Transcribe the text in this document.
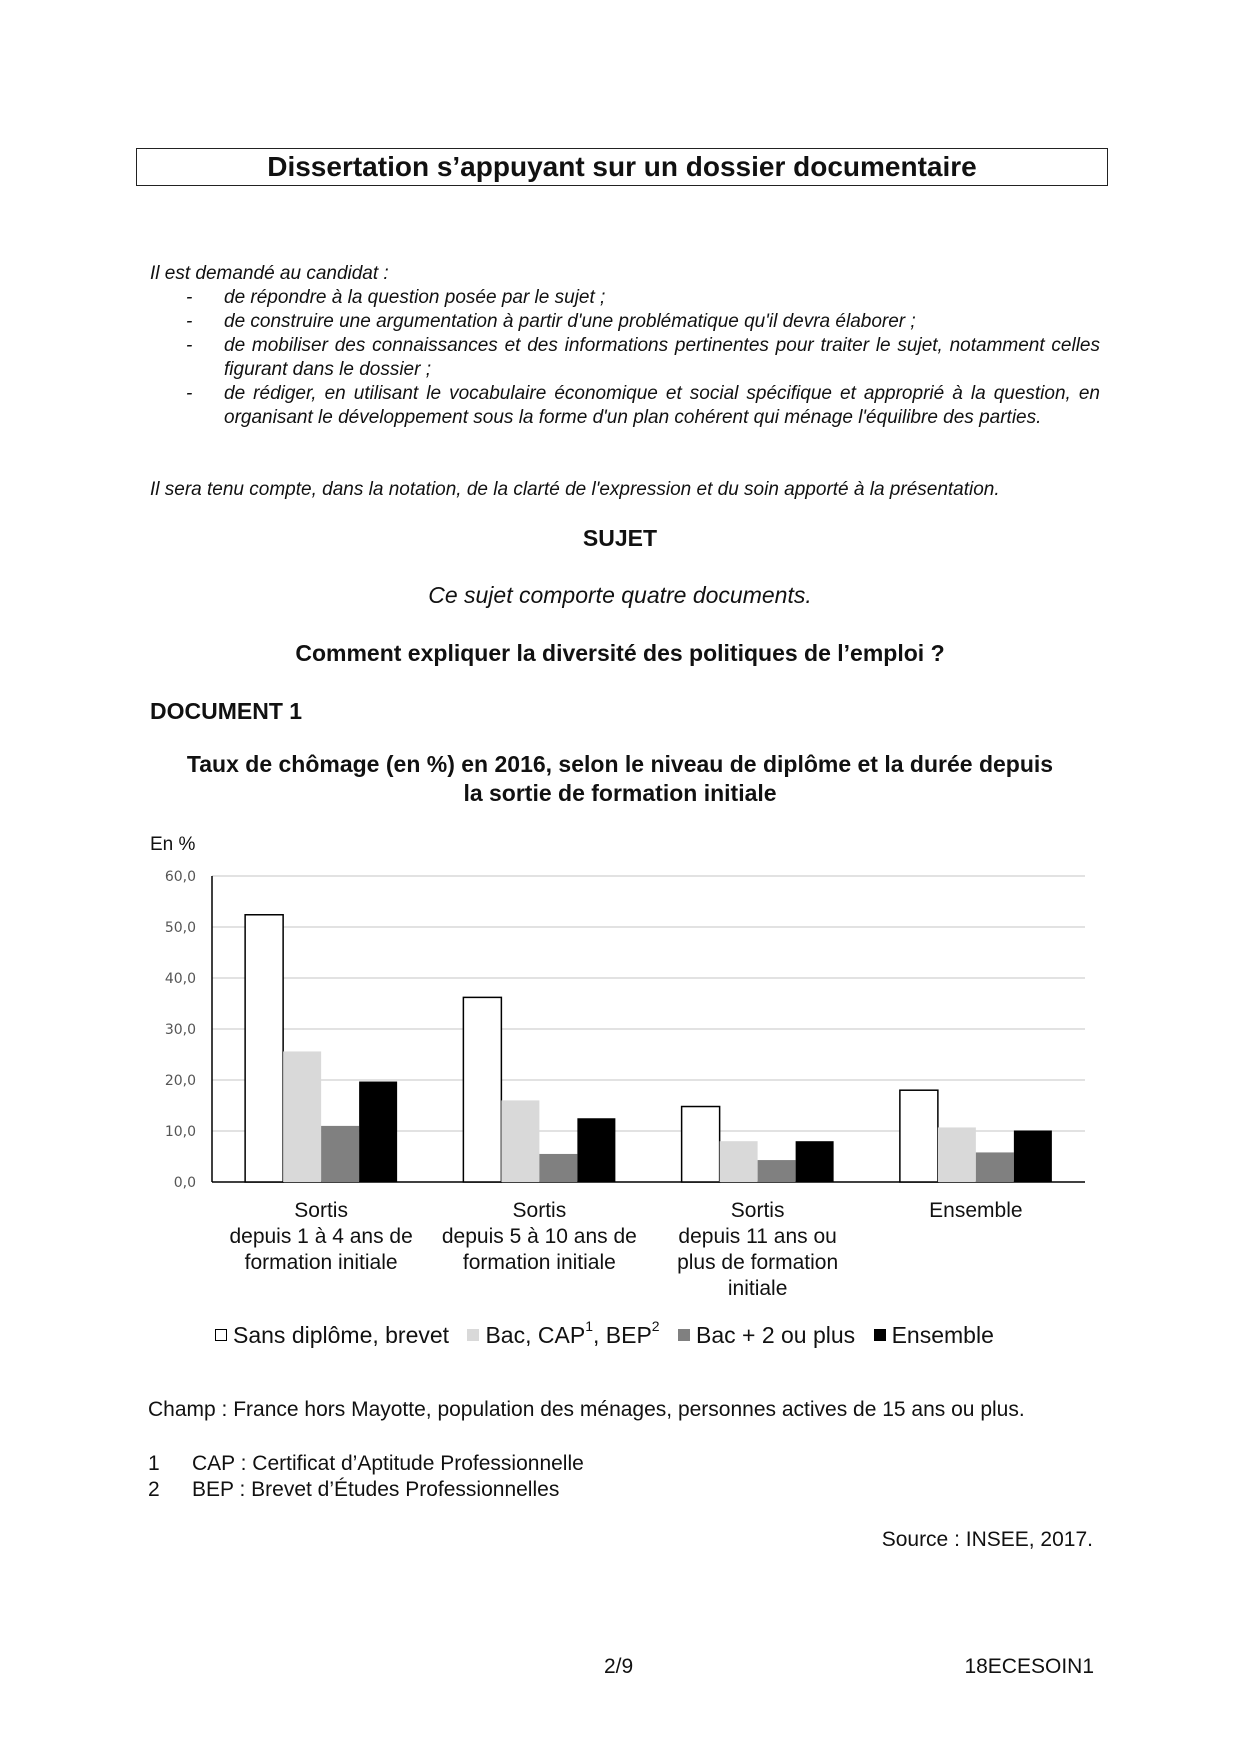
Dissertation s’appuyant sur un dossier documentaire
Il est demandé au candidat :
- de répondre à la question posée par le sujet ;
- de construire une argumentation à partir d'une problématique qu'il devra élaborer ;
- de mobiliser des connaissances et des informations pertinentes pour traiter le sujet, notamment celles figurant dans le dossier ;
- de rédiger, en utilisant le vocabulaire économique et social spécifique et approprié à la question, en organisant le développement sous la forme d'un plan cohérent qui ménage l'équilibre des parties.
Il sera tenu compte, dans la notation, de la clarté de l'expression et du soin apporté à la présentation.
SUJET
Ce sujet comporte quatre documents.
Comment expliquer la diversité des politiques de l’emploi ?
DOCUMENT 1
Taux de chômage (en %) en 2016, selon le niveau de diplôme et la durée depuis
la sortie de formation initiale
En %
0,0
10,0
20,0
30,0
40,0
50,0
60,0
Sortis
depuis 1 à 4 ans de
formation initiale
Sortis
depuis 5 à 10 ans de
formation initiale
Sortis
depuis 11 ans ou
plus de formation
initiale
Ensemble
Sans diplôme, brevet Bac, CAP$^1$, BEP$^2$ Bac + 2 ou plus Ensemble
Champ : France hors Mayotte, population des ménages, personnes actives de 15 ans ou plus.
1 CAP : Certificat d’Aptitude Professionnelle
2 BEP : Brevet d’Études Professionnelles
Source : INSEE, 2017.
2/9	18ECESOIN1
